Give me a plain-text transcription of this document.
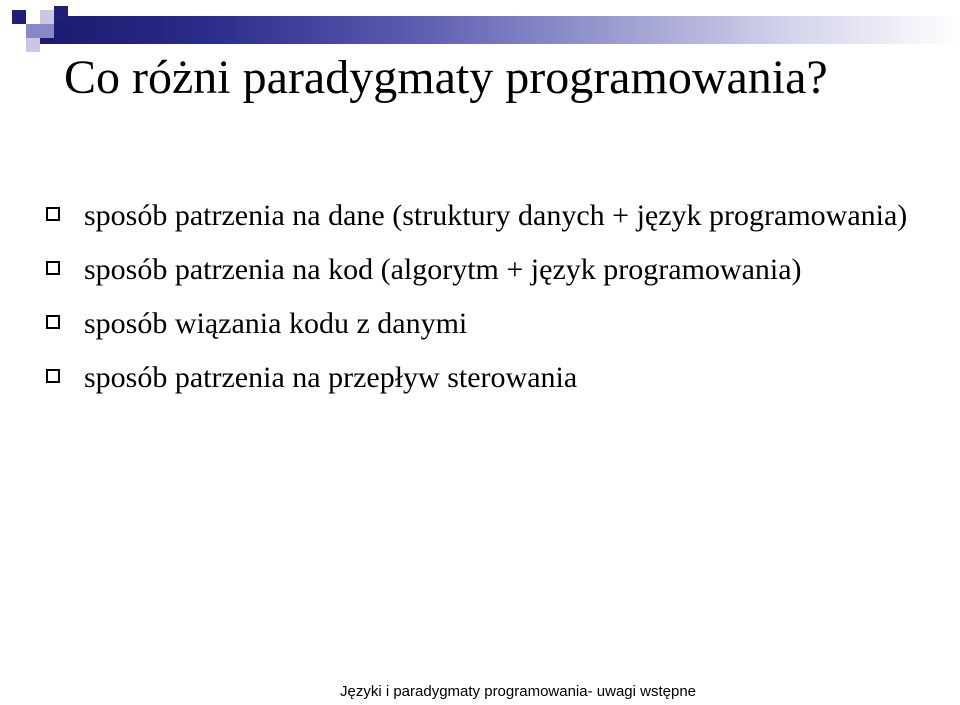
Co różni paradygmaty programowania?
sposób patrzenia na dane (struktury danych + język programowania)
sposób patrzenia na kod (algorytm + język programowania)
sposób wiązania kodu z danymi
sposób patrzenia na przepływ sterowania
Języki i paradygmaty programowania- uwagi wstępne
